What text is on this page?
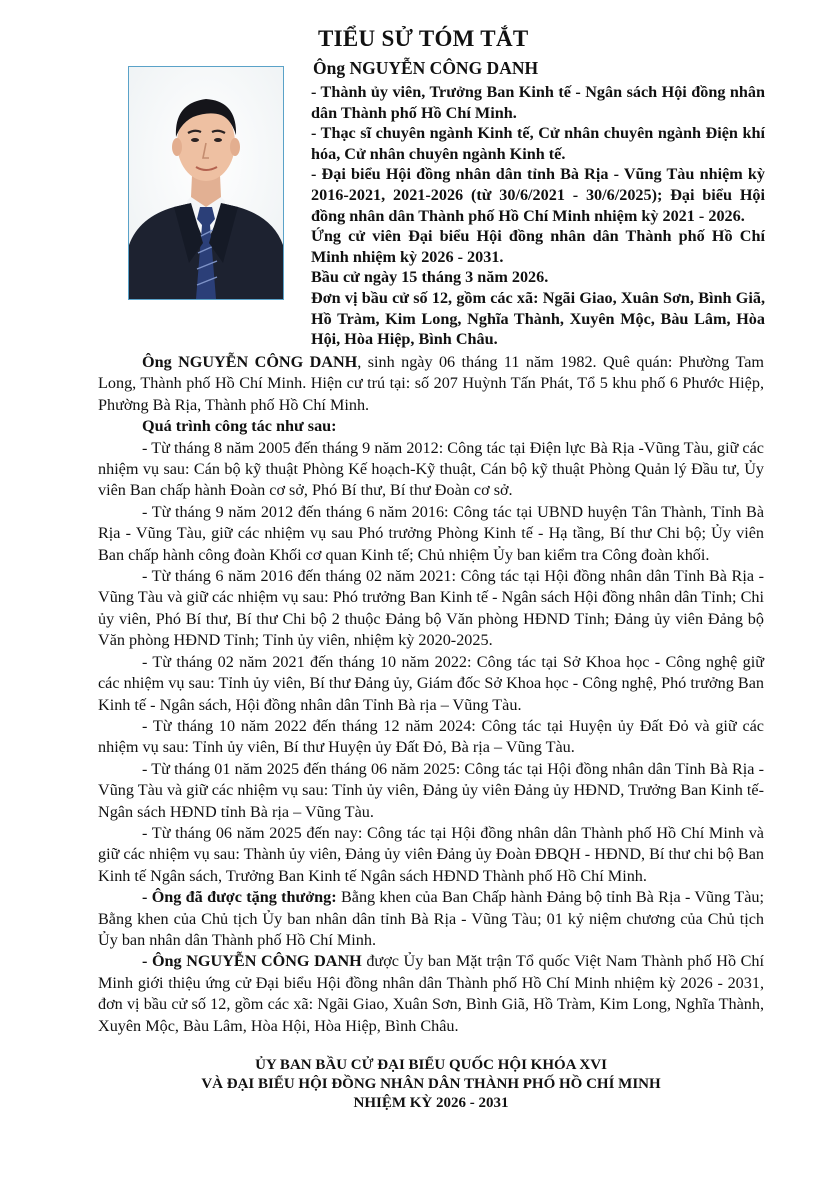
TIỂU SỬ TÓM TẮT
Ông NGUYỄN CÔNG DANH

- Thành ủy viên, Trưởng Ban Kinh tế - Ngân sách Hội đồng nhân dân Thành phố Hồ Chí Minh.

- Thạc sĩ chuyên ngành Kinh tế, Cử nhân chuyên ngành Điện khí hóa, Cử nhân chuyên ngành Kinh tế.

- Đại biểu Hội đồng nhân dân tỉnh Bà Rịa - Vũng Tàu nhiệm kỳ 2016-2021, 2021-2026 (từ 30/6/2021 - 30/6/2025); Đại biểu Hội đồng nhân dân Thành phố Hồ Chí Minh nhiệm kỳ 2021 - 2026.

Ứng cử viên Đại biểu Hội đồng nhân dân Thành phố Hồ Chí Minh nhiệm kỳ 2026 - 2031.

Bầu cử ngày 15 tháng 3 năm 2026.

Đơn vị bầu cử số 12, gồm các xã: Ngãi Giao, Xuân Sơn, Bình Giã, Hồ Tràm, Kim Long, Nghĩa Thành, Xuyên Mộc, Bàu Lâm, Hòa Hội, Hòa Hiệp, Bình Châu.

Ông NGUYỄN CÔNG DANH, sinh ngày 06 tháng 11 năm 1982. Quê quán: Phường Tam Long, Thành phố Hồ Chí Minh. Hiện cư trú tại: số 207 Huỳnh Tấn Phát, Tổ 5 khu phố 6 Phước Hiệp, Phường Bà Rịa, Thành phố Hồ Chí Minh.

Quá trình công tác như sau:

- Từ tháng 8 năm 2005 đến tháng 9 năm 2012: Công tác tại Điện lực Bà Rịa -Vũng Tàu, giữ các nhiệm vụ sau: Cán bộ kỹ thuật Phòng Kế hoạch-Kỹ thuật, Cán bộ kỹ thuật Phòng Quản lý Đầu tư, Ủy viên Ban chấp hành Đoàn cơ sở, Phó Bí thư, Bí thư Đoàn cơ sở.

- Từ tháng 9 năm 2012 đến tháng 6 năm 2016: Công tác tại UBND huyện Tân Thành, Tỉnh Bà Rịa - Vũng Tàu, giữ các nhiệm vụ sau Phó trưởng Phòng Kinh tế - Hạ tầng, Bí thư Chi bộ; Ủy viên Ban chấp hành công đoàn Khối cơ quan Kinh tế; Chủ nhiệm Ủy ban kiểm tra Công đoàn khối.

- Từ tháng 6 năm 2016 đến tháng 02 năm 2021: Công tác tại Hội đồng nhân dân Tỉnh Bà Rịa - Vũng Tàu và giữ các nhiệm vụ sau: Phó trưởng Ban Kinh tế - Ngân sách Hội đồng nhân dân Tỉnh; Chi ủy viên, Phó Bí thư, Bí thư Chi bộ 2 thuộc Đảng bộ Văn phòng HĐND Tỉnh; Đảng ủy viên Đảng bộ Văn phòng HĐND Tỉnh; Tỉnh ủy viên, nhiệm kỳ 2020-2025.

- Từ tháng 02 năm 2021 đến tháng 10 năm 2022: Công tác tại Sở Khoa học - Công nghệ giữ các nhiệm vụ sau: Tỉnh ủy viên, Bí thư Đảng ủy, Giám đốc Sở Khoa học - Công nghệ, Phó trưởng Ban Kinh tế - Ngân sách, Hội đồng nhân dân Tỉnh Bà rịa – Vũng Tàu.

- Từ tháng 10 năm 2022 đến tháng 12 năm 2024: Công tác tại Huyện ủy Đất Đỏ và giữ các nhiệm vụ sau: Tỉnh ủy viên, Bí thư Huyện ủy Đất Đỏ, Bà rịa – Vũng Tàu.

- Từ tháng 01 năm 2025 đến tháng 06 năm 2025: Công tác tại Hội đồng nhân dân Tỉnh Bà Rịa - Vũng Tàu và giữ các nhiệm vụ sau: Tỉnh ủy viên, Đảng ủy viên Đảng ủy HĐND, Trưởng Ban Kinh tế-Ngân sách HĐND tỉnh Bà rịa – Vũng Tàu.

- Từ tháng 06 năm 2025 đến nay: Công tác tại Hội đồng nhân dân Thành phố Hồ Chí Minh và giữ các nhiệm vụ sau: Thành ủy viên, Đảng ủy viên Đảng ủy Đoàn ĐBQH - HĐND, Bí thư chi bộ Ban Kinh tế Ngân sách, Trưởng Ban Kinh tế Ngân sách HĐND Thành phố Hồ Chí Minh.

- Ông đã được tặng thưởng: Bằng khen của Ban Chấp hành Đảng bộ tỉnh Bà Rịa - Vũng Tàu; Bằng khen của Chủ tịch Ủy ban nhân dân tỉnh Bà Rịa - Vũng Tàu; 01 kỷ niệm chương của Chủ tịch Ủy ban nhân dân Thành phố Hồ Chí Minh.

- Ông NGUYỄN CÔNG DANH được Ủy ban Mặt trận Tổ quốc Việt Nam Thành phố Hồ Chí Minh giới thiệu ứng cử Đại biểu Hội đồng nhân dân Thành phố Hồ Chí Minh nhiệm kỳ 2026 - 2031, đơn vị bầu cử số 12, gồm các xã: Ngãi Giao, Xuân Sơn, Bình Giã, Hồ Tràm, Kim Long, Nghĩa Thành, Xuyên Mộc, Bàu Lâm, Hòa Hội, Hòa Hiệp, Bình Châu.

ỦY BAN BẦU CỬ ĐẠI BIỂU QUỐC HỘI KHÓA XVI
VÀ ĐẠI BIỂU HỘI ĐỒNG NHÂN DÂN THÀNH PHỐ HỒ CHÍ MINH
NHIỆM KỲ 2026 - 2031
